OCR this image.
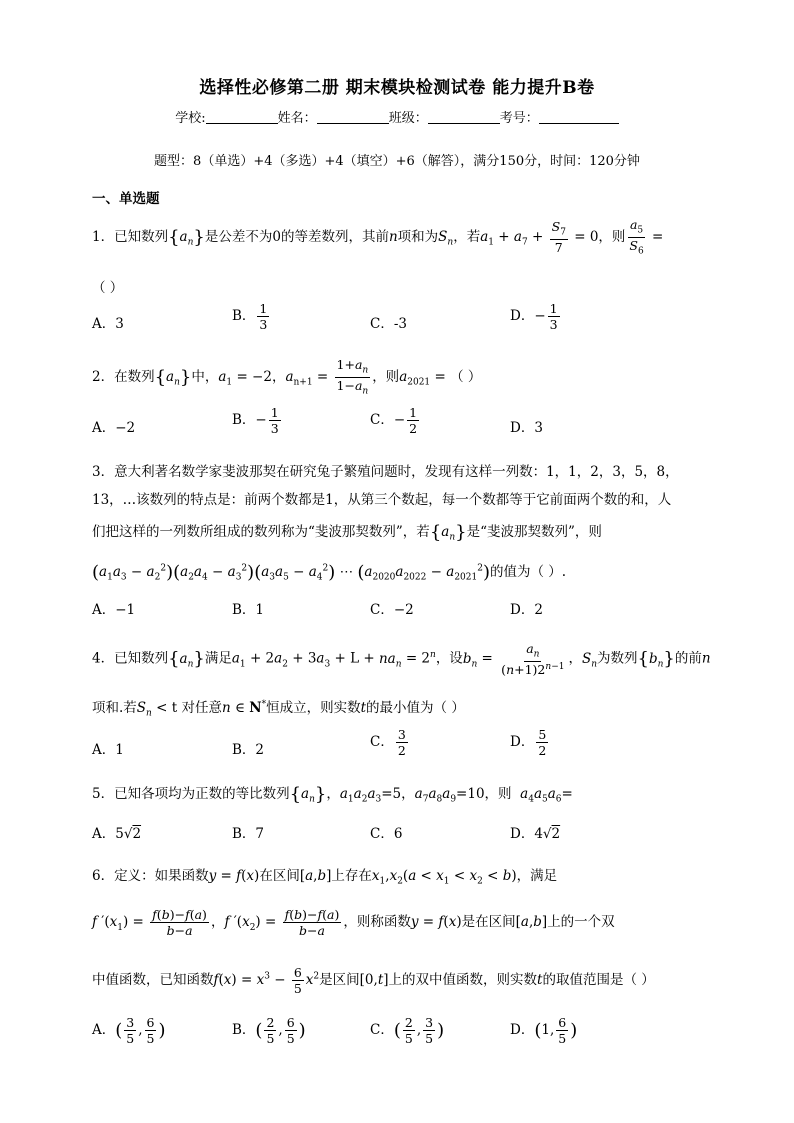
选择性必修第二册 期末模块检测试卷 能力提升B卷
学校:	姓名：	班级：	考号：
题型：8（单选）+4（多选）+4（填空）+6（解答），满分150分，时间：120分钟
一、单选题
1．已知数列$\{a_n\}$是公差不为0的等差数列，其前n项和为$S_n$，若$a_1 + a_7 + \frac{S_7}{7} = 0$，则 $\frac{a_5}{S_6}$ =
（ ）
A．3	B． $\frac{1}{3}$	C．-3	D．− $\frac{1}{3}$
2．在数列$\{a_n\}$中，$a_1 = -2$，$a_{n+1} = \frac{1+a_n}{1-a_n}$ ，则$a_{2021}$ = （ ）
A．−2	B．− $\frac{1}{3}$	C．− $\frac{1}{2}$	D．3
3．意大利著名数学家斐波那契在研究兔子繁殖问题时，发现有这样一列数：1，1，2，3，5，8，
13，…该数列的特点是：前两个数都是1，从第三个数起，每一个数都等于它前面两个数的和，人
们把这样的一列数所组成的数列称为“斐波那契数列”，若$\{a_n\}$是“斐波那契数列”，则
$(a_1a_3 - a_2^2)(a_2a_4 - a_3^2)(a_3a_5 - a_4^2)$ ⋯ $(a_{2020}a_{2022} - a_{2021}^2)$的值为（ ）.
A．−1	B．1	C．−2	D．2
4．已知数列$\{a_n\}$满足$a_1 + 2a_2 + 3a_3 + L + na_n = 2^n$，设$b_n = \frac{a_n}{(n+1)2^{n-1}}$ ，$S_n$为数列$\{b_n\}$的前n
项和.若$S_n < t$ 对任意n ∈ N*恒成立，则实数t的最小值为（ ）
A．1	B．2	C． $\frac{3}{2}$	D． $\frac{5}{2}$
5．已知各项均为正数的等比数列$\{a_n\}$，$a_1a_2a_3=5$，$a_7a_8a_9=10$，则 $a_4a_5a_6=$
A．5√2	B．7	C．6	D．4√2
6．定义：如果函数y = f(x)在区间[a,b]上存在$x_1,x_2(a < x_1 < x_2 < b)$，满足
f $'(x_1) = \frac{f(b)-f(a)}{b-a}$ ，f $'(x_2) = \frac{f(b)-f(a)}{b-a}$ ，则称函数y = f(x)是在区间[a,b]上的一个双
中值函数，已知函数$f(x) = x^3 - \frac{6}{5} x^2$是区间[0,t]上的双中值函数，则实数t的取值范围是（ ）
A．( $\frac{3}{5}$ , $\frac{6}{5}$ )	B．( $\frac{2}{5}$ , $\frac{6}{5}$ )	C．( $\frac{2}{5}$ , $\frac{3}{5}$ )	D．(1, $\frac{6}{5}$ )
